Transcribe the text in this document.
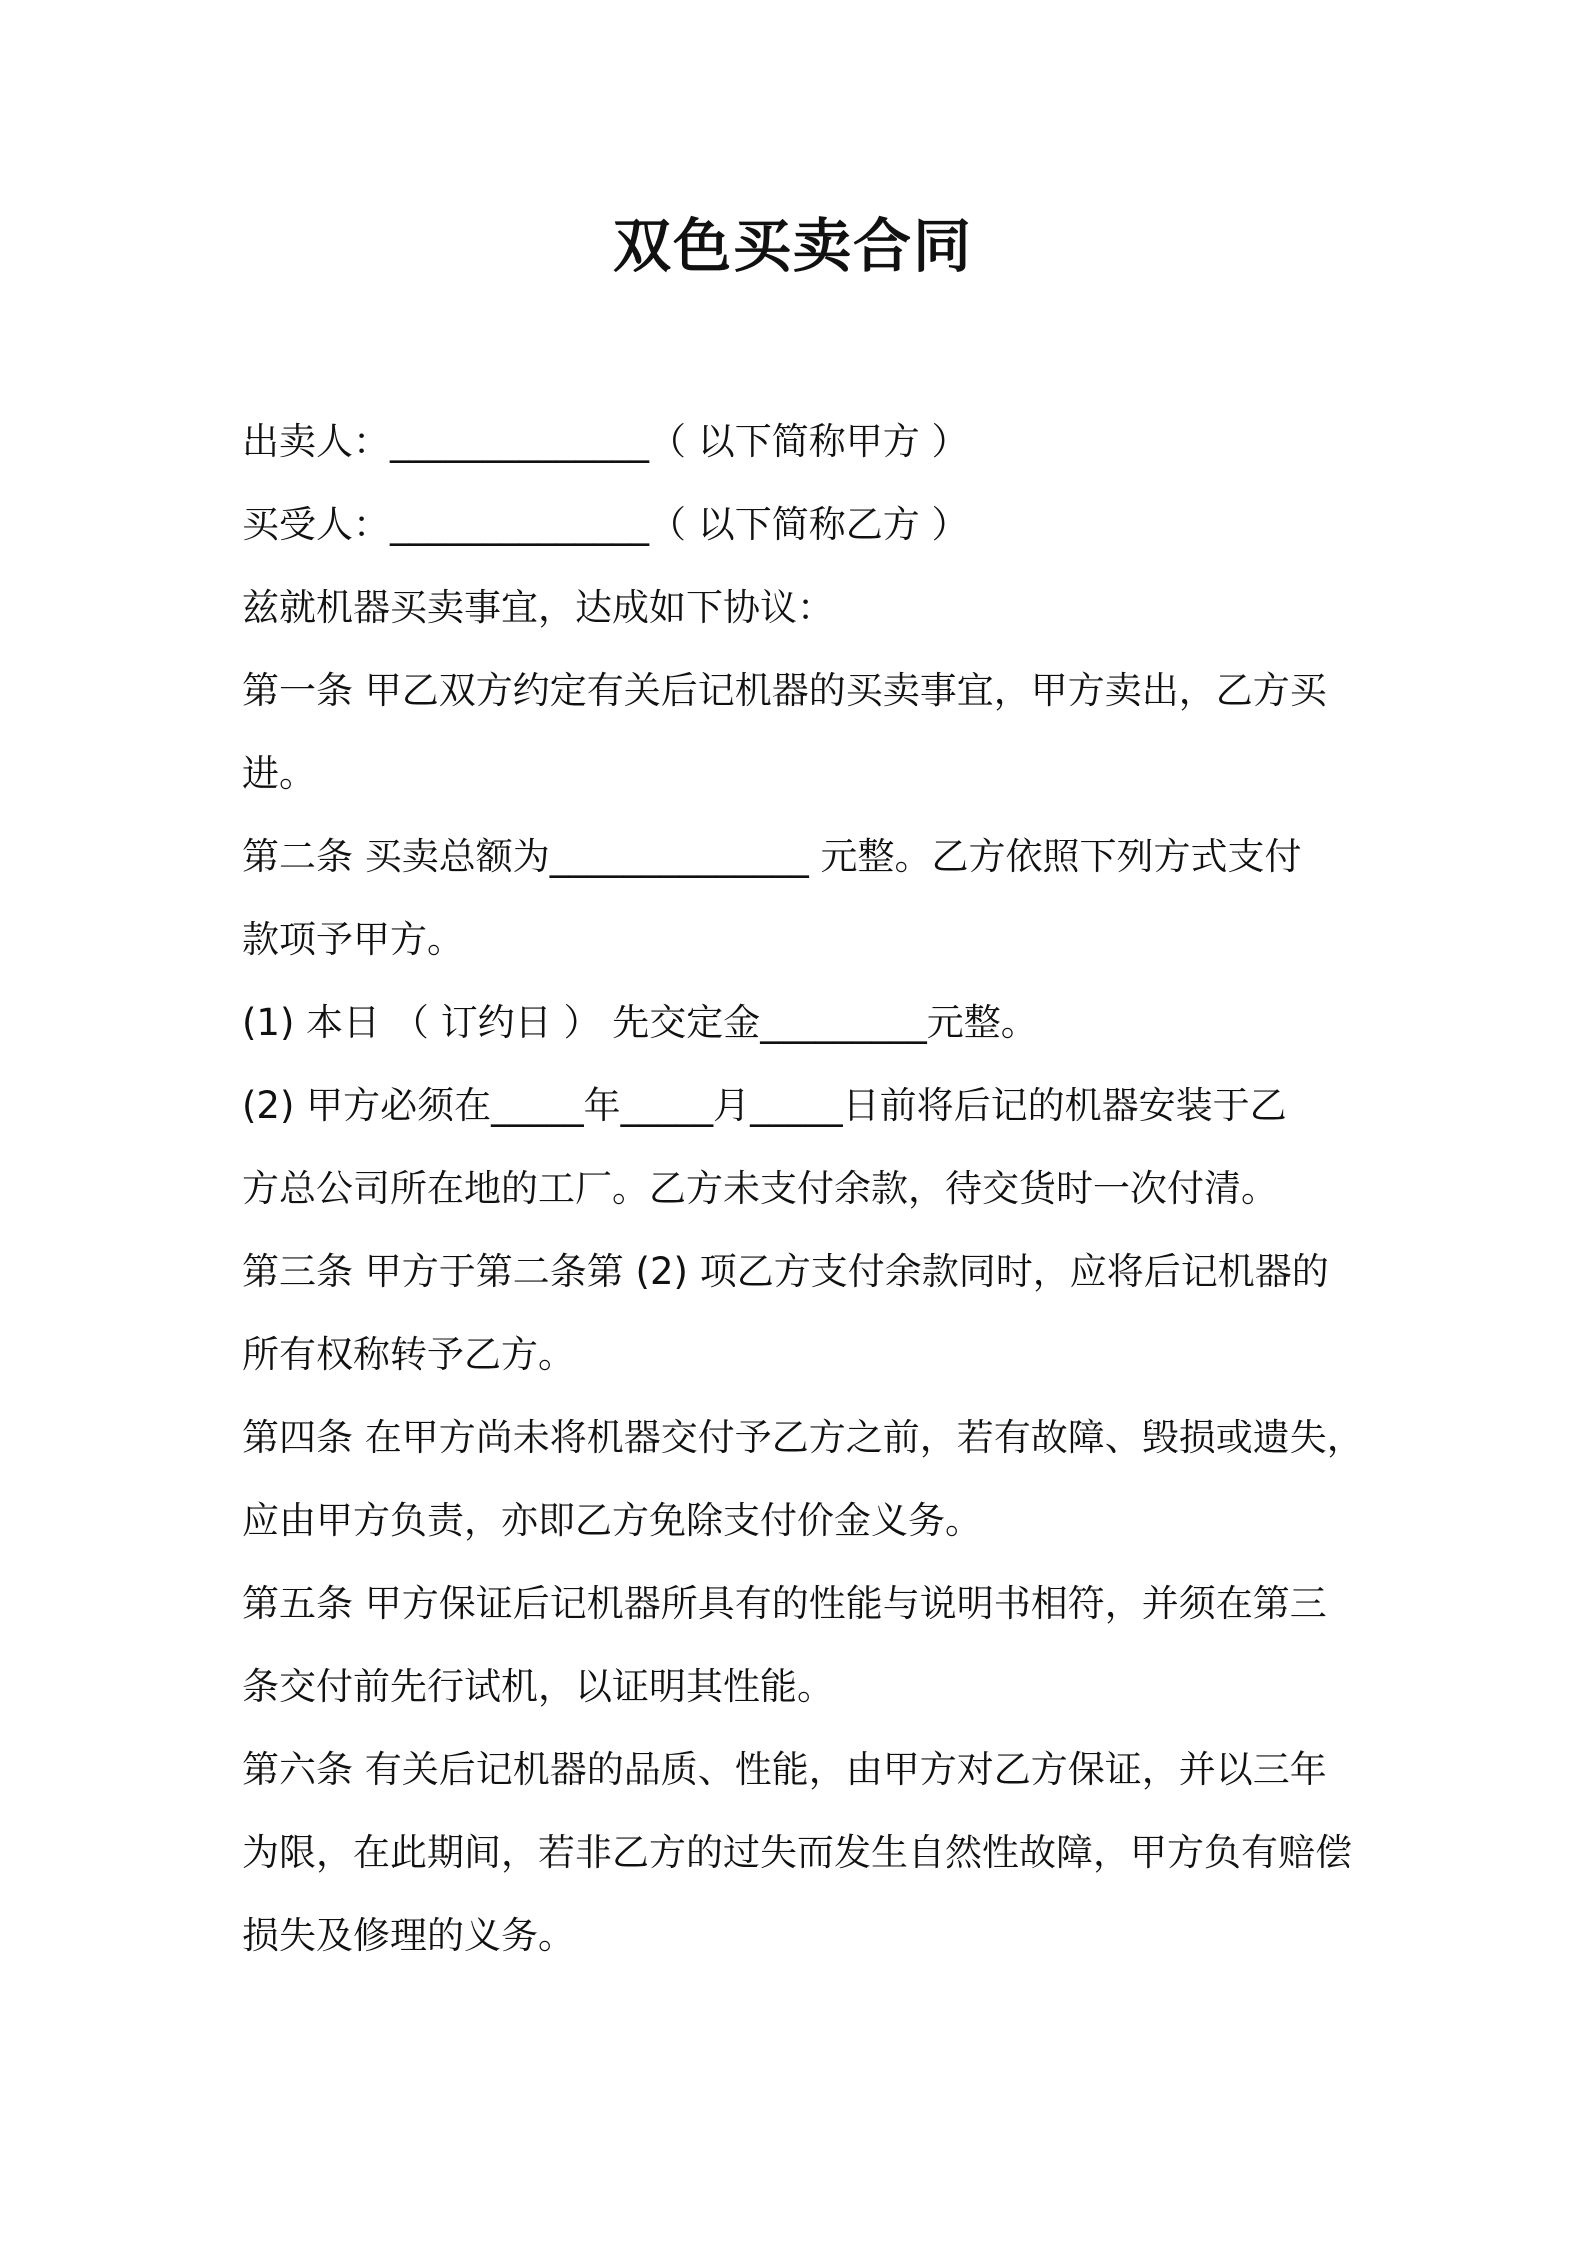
双色买卖合同
出卖人：______________（ 以下简称甲方 ）
买受人：______________（ 以下简称乙方 ）
兹就机器买卖事宜，达成如下协议：
第一条 甲乙双方约定有关后记机器的买卖事宜，甲方卖出，乙方买
进。
第二条 买卖总额为______________ 元整。乙方依照下列方式支付
款项予甲方。
(1) 本日 （ 订约日 ） 先交定金_________元整。
(2) 甲方必须在_____年_____月_____日前将后记的机器安装于乙
方总公司所在地的工厂。乙方未支付余款，待交货时一次付清。
第三条 甲方于第二条第 (2) 项乙方支付余款同时，应将后记机器的
所有权称转予乙方。
第四条 在甲方尚未将机器交付予乙方之前，若有故障、毁损或遗失，
应由甲方负责，亦即乙方免除支付价金义务。
第五条 甲方保证后记机器所具有的性能与说明书相符，并须在第三
条交付前先行试机，以证明其性能。
第六条 有关后记机器的品质、性能，由甲方对乙方保证，并以三年
为限，在此期间，若非乙方的过失而发生自然性故障，甲方负有赔偿
损失及修理的义务。
